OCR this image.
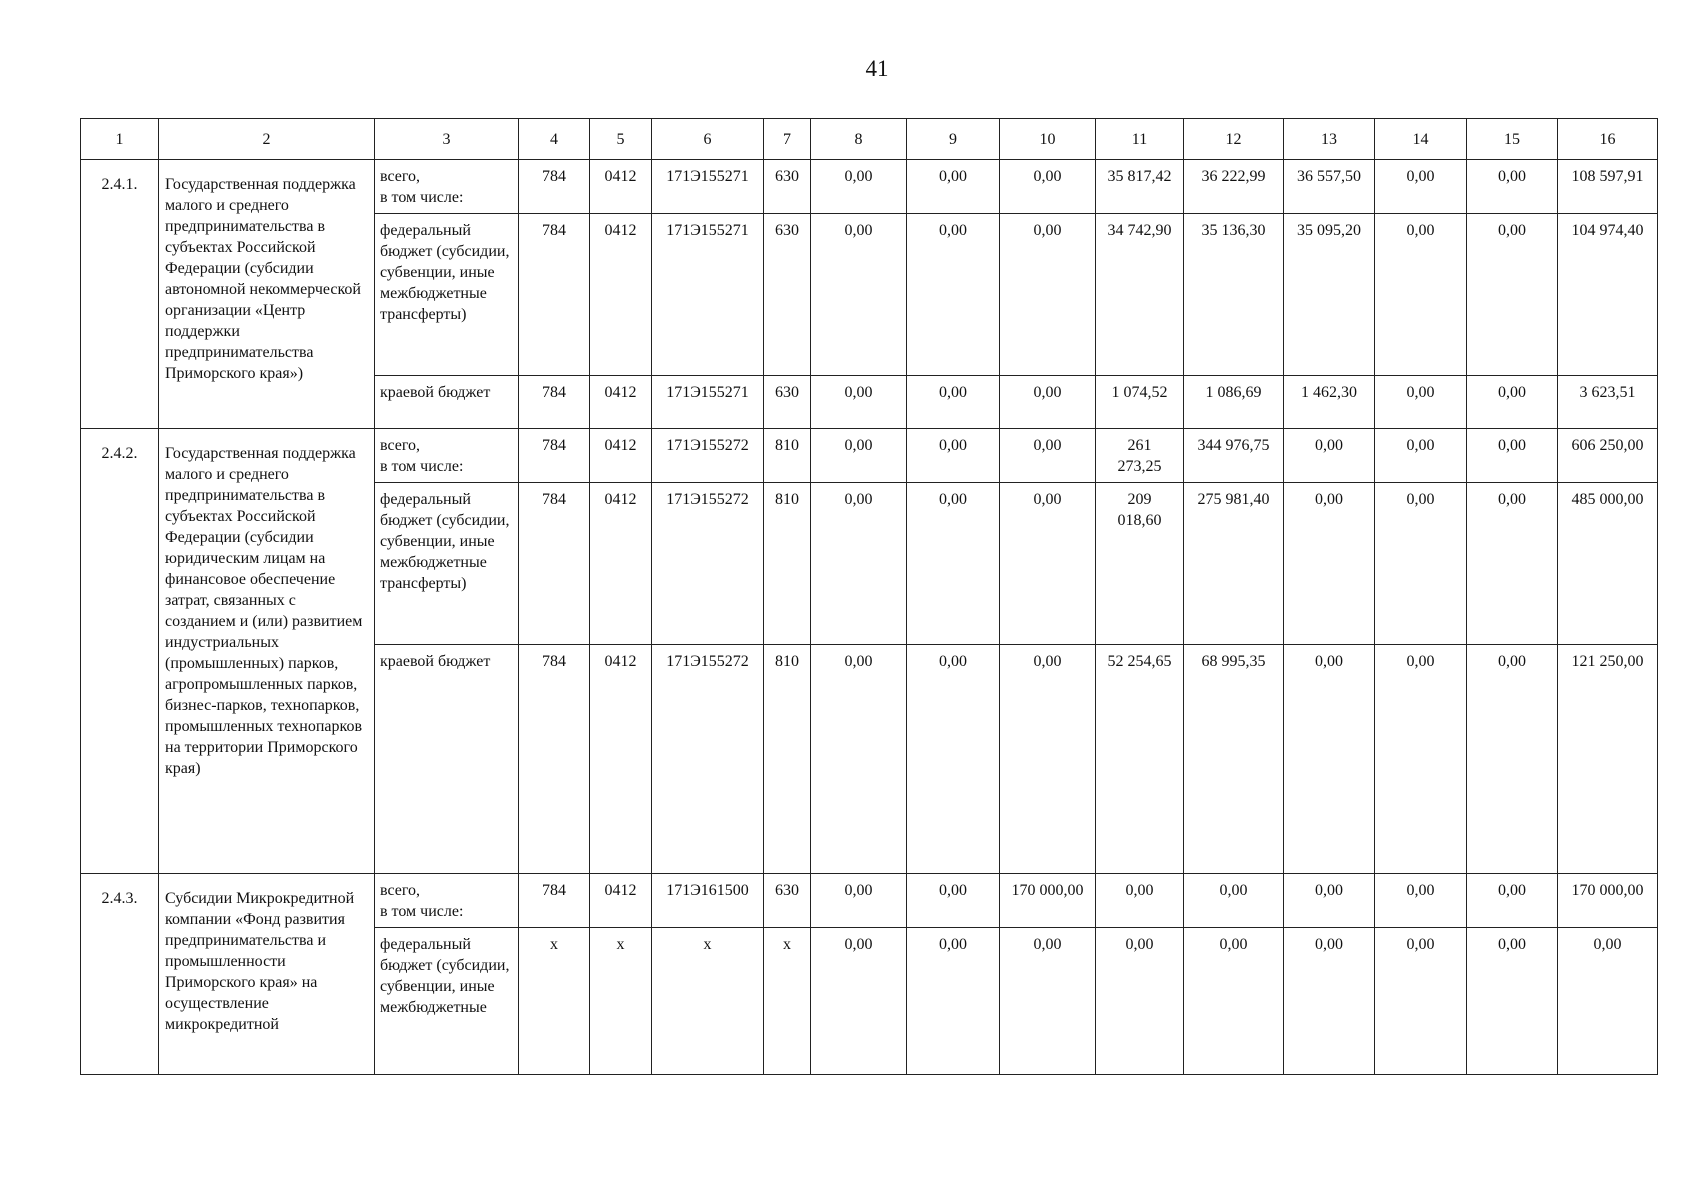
41
1	2	3	4	5	6	7	8	9	10	11	12	13	14	15	16
2.4.1.	Государственная поддержка малого и среднего предпринимательства в субъектах Российской Федерации (субсидии автономной некоммерческой организации «Центр поддержки предпринимательства Приморского края»)	всего,
в том числе:	784	0412	171Э155271	630	0,00	0,00	0,00	35 817,42	36 222,99	36 557,50	0,00	0,00	108 597,91
		федеральный бюджет (субсидии, субвенции, иные межбюджетные трансферты)	784	0412	171Э155271	630	0,00	0,00	0,00	34 742,90	35 136,30	35 095,20	0,00	0,00	104 974,40
		краевой бюджет	784	0412	171Э155271	630	0,00	0,00	0,00	1 074,52	1 086,69	1 462,30	0,00	0,00	3 623,51
2.4.2.	Государственная поддержка малого и среднего предпринимательства в субъектах Российской Федерации (субсидии юридическим лицам на финансовое обеспечение затрат, связанных с созданием и (или) развитием индустриальных (промышленных) парков, агропромышленных парков, бизнес-парков, технопарков, промышленных технопарков на территории Приморского края)	всего,
в том числе:	784	0412	171Э155272	810	0,00	0,00	0,00	261
273,25	344 976,75	0,00	0,00	0,00	606 250,00
		федеральный бюджет (субсидии, субвенции, иные межбюджетные трансферты)	784	0412	171Э155272	810	0,00	0,00	0,00	209
018,60	275 981,40	0,00	0,00	0,00	485 000,00
		краевой бюджет	784	0412	171Э155272	810	0,00	0,00	0,00	52 254,65	68 995,35	0,00	0,00	0,00	121 250,00
2.4.3.	Субсидии Микрокредитной компании «Фонд развития предпринимательства и промышленности Приморского края» на осуществление микрокредитной	всего,
в том числе:	784	0412	171Э161500	630	0,00	0,00	170 000,00	0,00	0,00	0,00	0,00	0,00	170 000,00
		федеральный бюджет (субсидии, субвенции, иные межбюджетные	x	x	x	x	0,00	0,00	0,00	0,00	0,00	0,00	0,00	0,00	0,00
